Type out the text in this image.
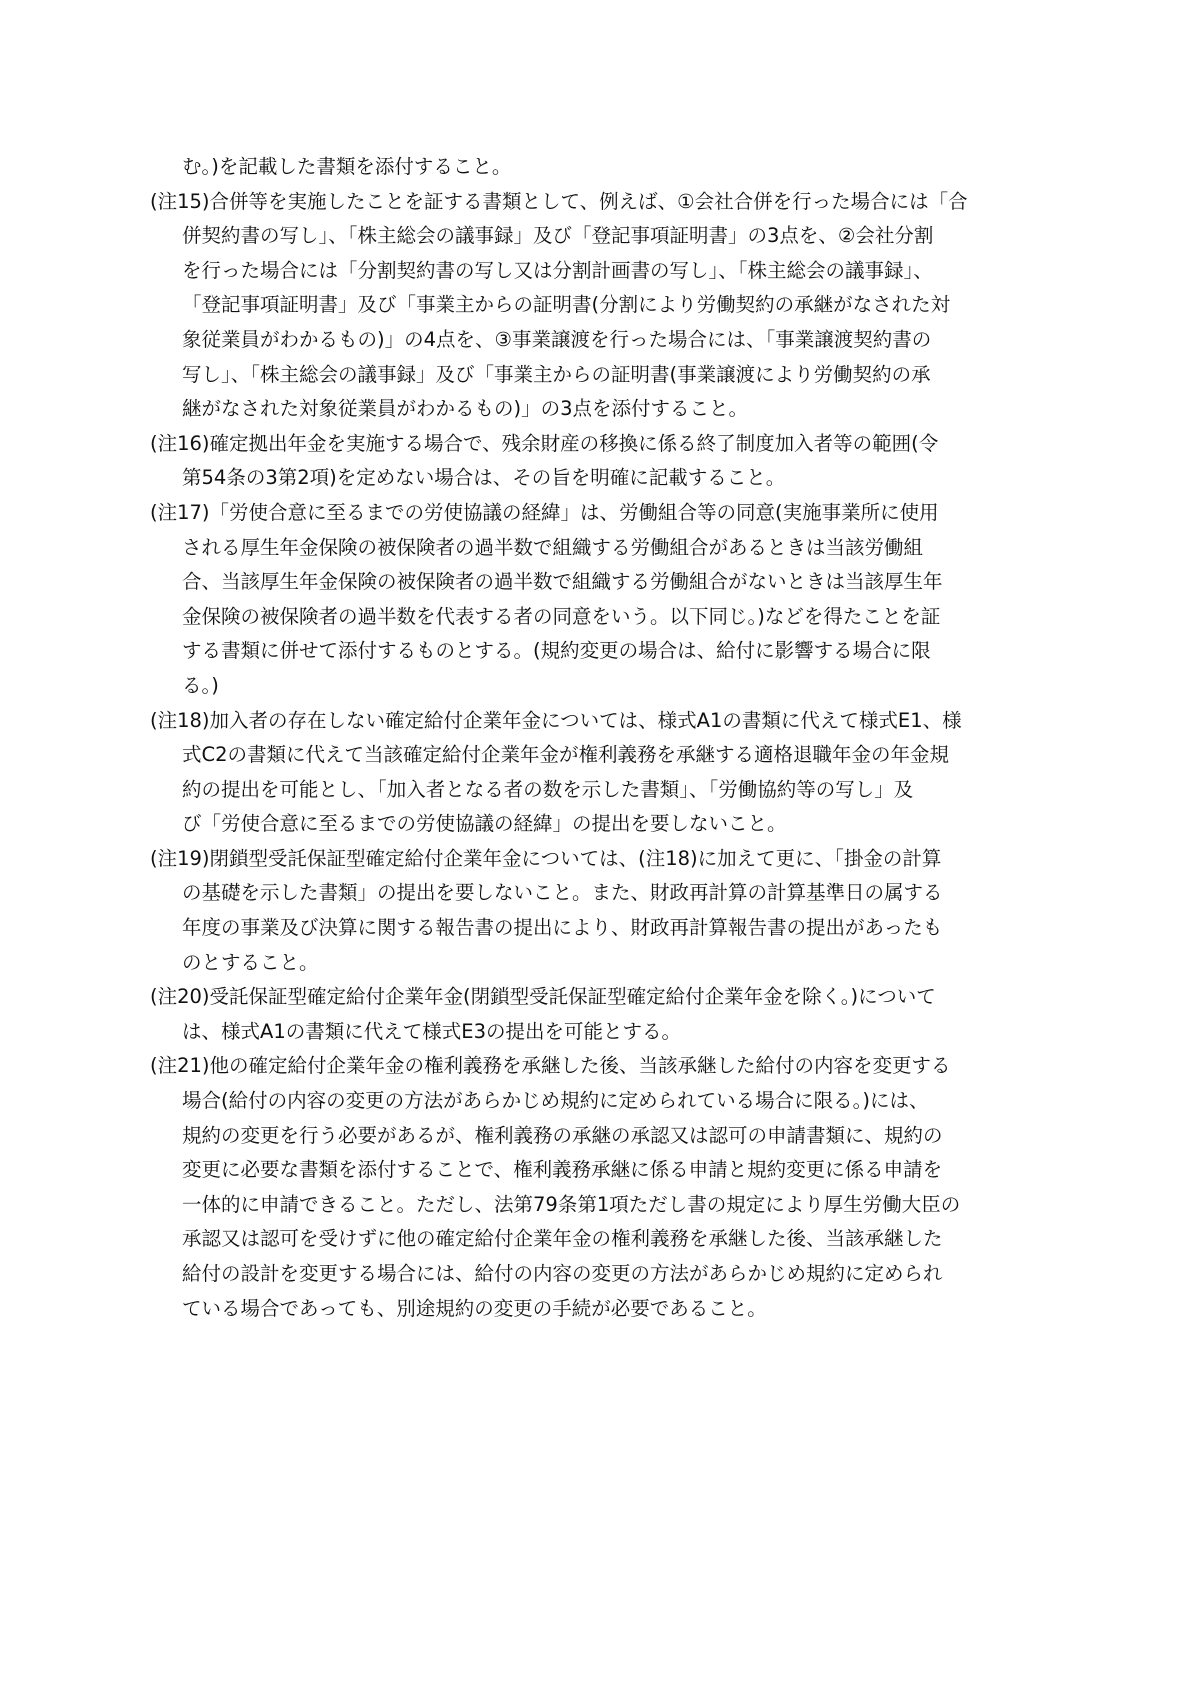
む。)を記載した書類を添付すること。

(注15)合併等を実施したことを証する書類として、例えば、①会社合併を行った場合には「合
併契約書の写し」、「株主総会の議事録」及び「登記事項証明書」の3点を、②会社分割
を行った場合には「分割契約書の写し又は分割計画書の写し」、「株主総会の議事録」、
「登記事項証明書」及び「事業主からの証明書(分割により労働契約の承継がなされた対
象従業員がわかるもの)」の4点を、③事業譲渡を行った場合には、「事業譲渡契約書の
写し」、「株主総会の議事録」及び「事業主からの証明書(事業譲渡により労働契約の承
継がなされた対象従業員がわかるもの)」の3点を添付すること。
(注16)確定拠出年金を実施する場合で、残余財産の移換に係る終了制度加入者等の範囲(令
第54条の3第2項)を定めない場合は、その旨を明確に記載すること。
(注17)「労使合意に至るまでの労使協議の経緯」は、労働組合等の同意(実施事業所に使用
される厚生年金保険の被保険者の過半数で組織する労働組合があるときは当該労働組
合、当該厚生年金保険の被保険者の過半数で組織する労働組合がないときは当該厚生年
金保険の被保険者の過半数を代表する者の同意をいう。以下同じ。)などを得たことを証
する書類に併せて添付するものとする。(規約変更の場合は、給付に影響する場合に限
る。)
(注18)加入者の存在しない確定給付企業年金については、様式A1の書類に代えて様式E1、様
式C2の書類に代えて当該確定給付企業年金が権利義務を承継する適格退職年金の年金規
約の提出を可能とし、「加入者となる者の数を示した書類」、「労働協約等の写し」及
び「労使合意に至るまでの労使協議の経緯」の提出を要しないこと。
(注19)閉鎖型受託保証型確定給付企業年金については、(注18)に加えて更に、「掛金の計算
の基礎を示した書類」の提出を要しないこと。また、財政再計算の計算基準日の属する
年度の事業及び決算に関する報告書の提出により、財政再計算報告書の提出があったも
のとすること。
(注20)受託保証型確定給付企業年金(閉鎖型受託保証型確定給付企業年金を除く。)について
は、様式A1の書類に代えて様式E3の提出を可能とする。
(注21)他の確定給付企業年金の権利義務を承継した後、当該承継した給付の内容を変更する
場合(給付の内容の変更の方法があらかじめ規約に定められている場合に限る。)には、
規約の変更を行う必要があるが、権利義務の承継の承認又は認可の申請書類に、規約の
変更に必要な書類を添付することで、権利義務承継に係る申請と規約変更に係る申請を
一体的に申請できること。ただし、法第79条第1項ただし書の規定により厚生労働大臣の
承認又は認可を受けずに他の確定給付企業年金の権利義務を承継した後、当該承継した
給付の設計を変更する場合には、給付の内容の変更の方法があらかじめ規約に定められ
ている場合であっても、別途規約の変更の手続が必要であること。
